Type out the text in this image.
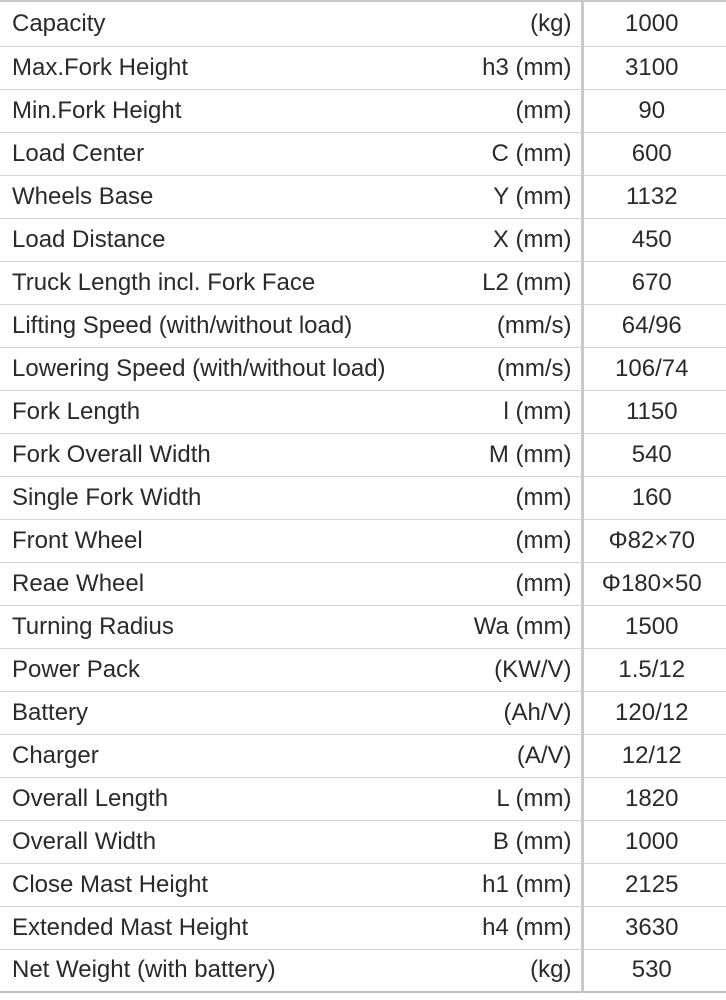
Capacity	(kg)	1000
Max.Fork Height	h3 (mm)	3100
Min.Fork Height	(mm)	90
Load Center	C (mm)	600
Wheels Base	Y (mm)	1132
Load Distance	X (mm)	450
Truck Length incl. Fork Face	L2 (mm)	670
Lifting Speed (with/without load)	(mm/s)	64/96
Lowering Speed (with/without load)	(mm/s)	106/74
Fork Length	l (mm)	1150
Fork Overall Width	M (mm)	540
Single Fork Width	(mm)	160
Front Wheel	(mm)	Φ82×70
Reae Wheel	(mm)	Φ180×50
Turning Radius	Wa (mm)	1500
Power Pack	(KW/V)	1.5/12
Battery	(Ah/V)	120/12
Charger	(A/V)	12/12
Overall Length	L (mm)	1820
Overall Width	B (mm)	1000
Close Mast Height	h1 (mm)	2125
Extended Mast Height	h4 (mm)	3630
Net Weight (with battery)	(kg)	530
